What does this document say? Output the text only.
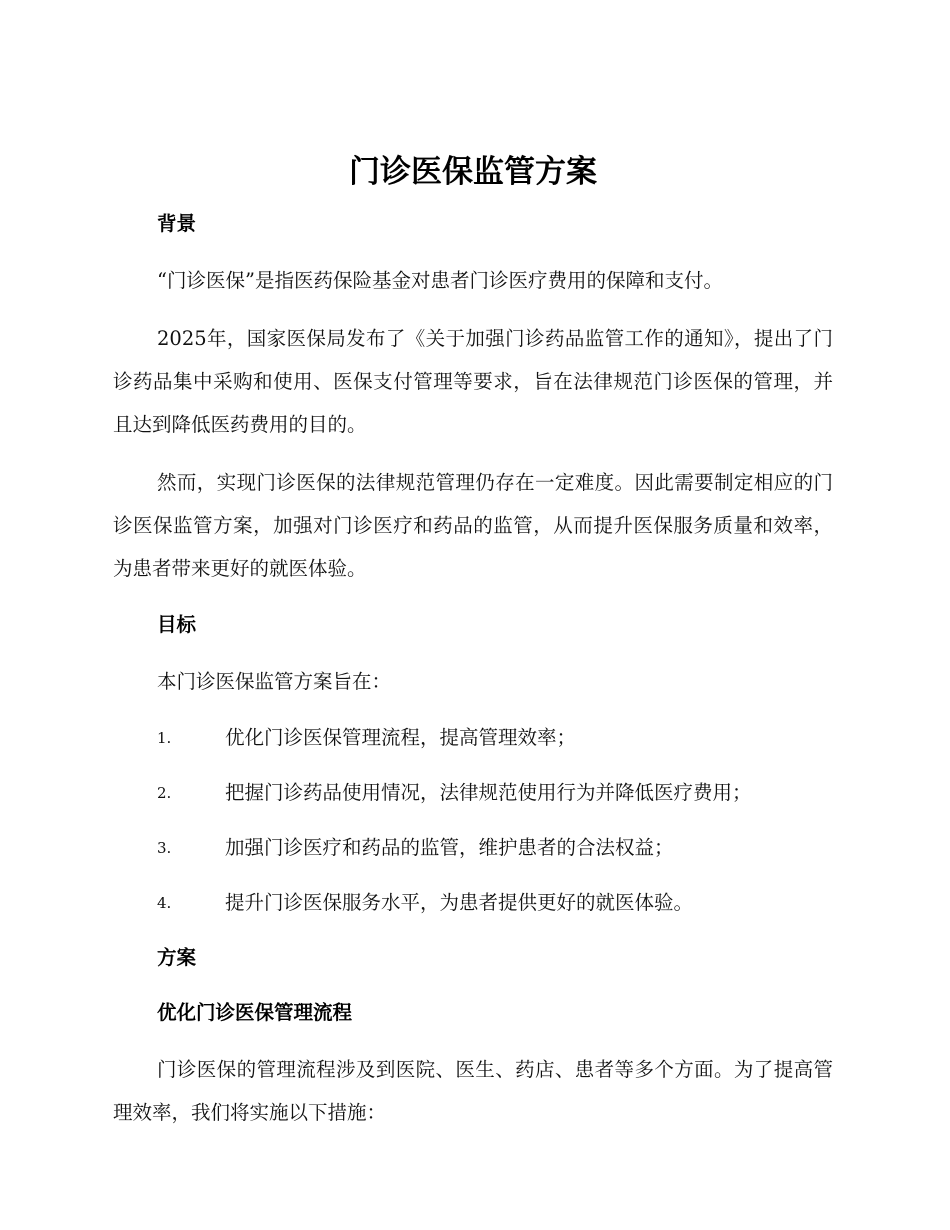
门诊医保监管方案
背景

“门诊医保”是指医药保险基金对患者门诊医疗费用的保障和支付。

2025年，国家医保局发布了《关于加强门诊药品监管工作的通知》，提出了门诊药品集中采购和使用、医保支付管理等要求，旨在法律规范门诊医保的管理，并且达到降低医药费用的目的。

然而，实现门诊医保的法律规范管理仍存在一定难度。因此需要制定相应的门诊医保监管方案，加强对门诊医疗和药品的监管，从而提升医保服务质量和效率，为患者带来更好的就医体验。

目标

本门诊医保监管方案旨在：

1.	优化门诊医保管理流程，提高管理效率；
2.	把握门诊药品使用情况，法律规范使用行为并降低医疗费用；
3.	加强门诊医疗和药品的监管，维护患者的合法权益；
4.	提升门诊医保服务水平，为患者提供更好的就医体验。
方案
优化门诊医保管理流程

门诊医保的管理流程涉及到医院、医生、药店、患者等多个方面。为了提高管理效率，我们将实施以下措施：
